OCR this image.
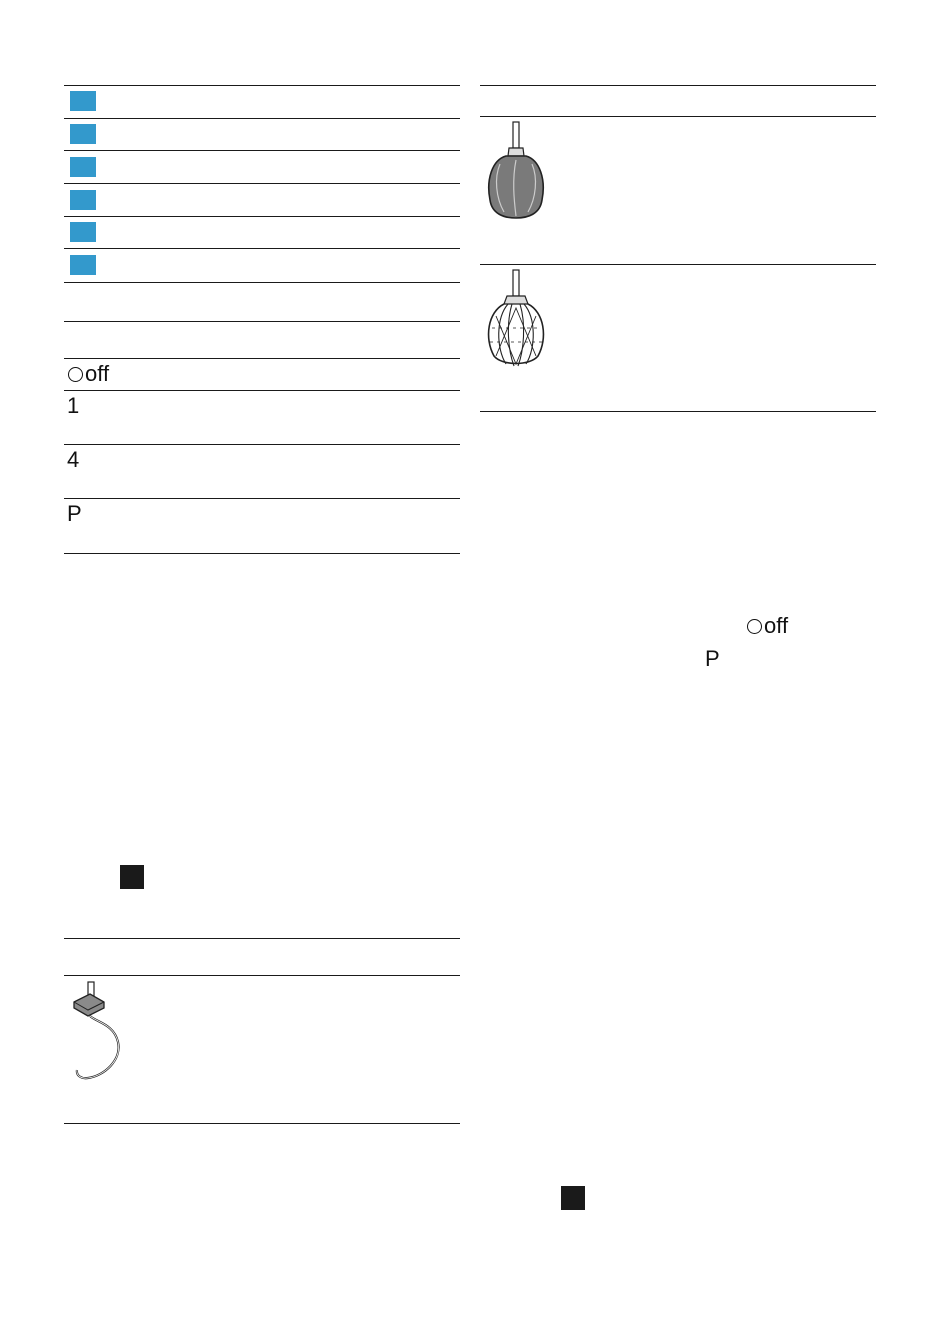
off
1
4
P
off
P
